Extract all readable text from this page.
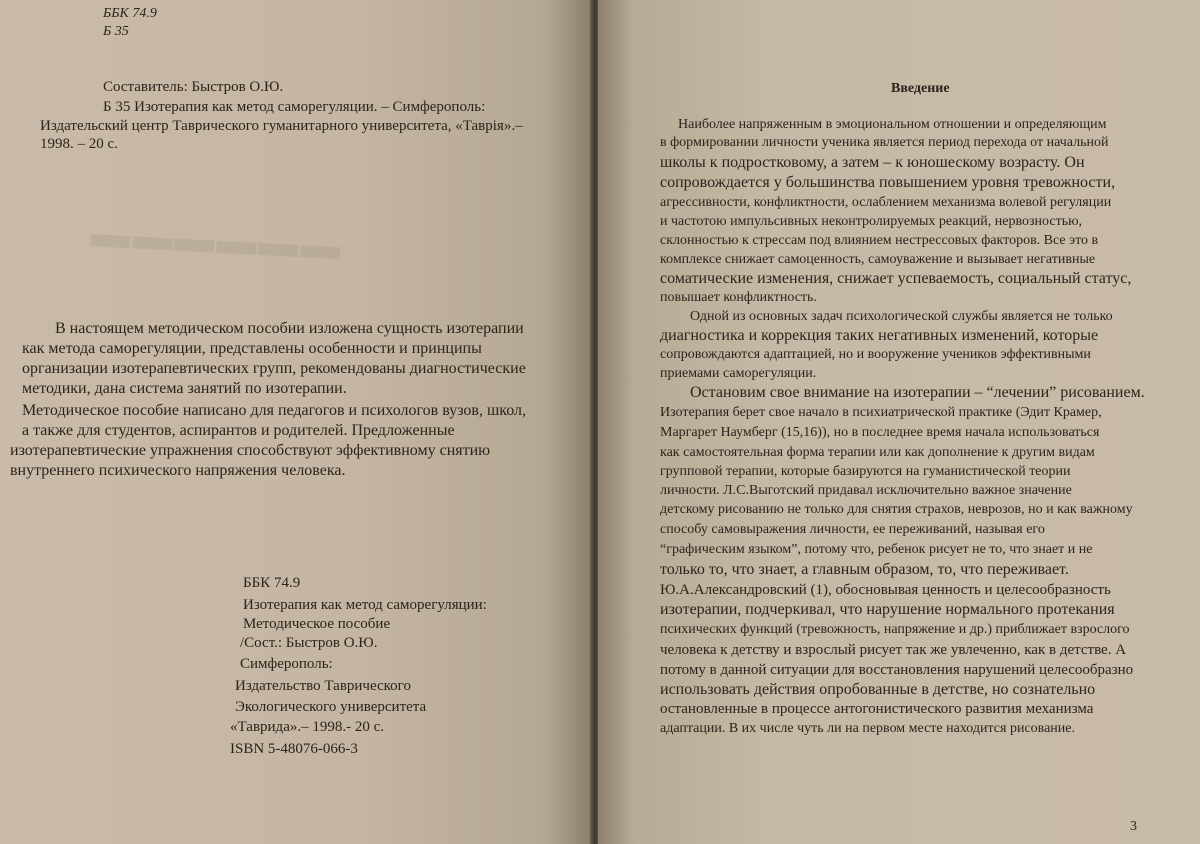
▬▬▬▬▬▬
ББК 74.9
Б 35
Составитель: Быстров О.Ю.
Б 35 Изотерапия как метод саморегуляции. – Симферополь:
Издательский центр Таврического гуманитарного университета, «Таврія».–
1998. – 20 с.
В настоящем методическом пособии изложена сущность изотерапии
как метода саморегуляции, представлены особенности и принципы
организации изотерапевтических групп, рекомендованы диагностические
методики, дана система занятий по изотерапии.
Методическое пособие написано для педагогов и психологов вузов, школ,
а также для студентов, аспирантов и родителей. Предложенные
изотерапевтические упражнения способствуют эффективному снятию
внутреннего психического напряжения человека.
ББК 74.9
Изотерапия как метод саморегуляции:
Методическое пособие
/Сост.: Быстров О.Ю.
Симферополь:
Издательство Таврического
Экологического университета
«Таврида».– 1998.- 20 с.
ISBN 5-48076-066-3
Введение
Наиболее напряженным в эмоциональном отношении и определяющим
в формировании личности ученика является период перехода от начальной
школы к подростковому, а затем – к юношескому возрасту. Он
сопровождается у большинства повышением уровня тревожности,
агрессивности, конфликтности, ослаблением механизма волевой регуляции
и частотою импульсивных неконтролируемых реакций, нервозностью,
склонностью к стрессам под влиянием нестрессовых факторов. Все это в
комплексе снижает самоценность, самоуважение и вызывает негативные
соматические изменения, снижает успеваемость, социальный статус,
повышает конфликтность.
Одной из основных задач психологической службы является не только
диагностика и коррекция таких негативных изменений, которые
сопровождаются адаптацией, но и вооружение учеников эффективными
приемами саморегуляции.
Остановим свое внимание на изотерапии – “лечении” рисованием.
Изотерапия берет свое начало в психиатрической практике (Эдит Крамер,
Маргарет Наумберг (15,16)), но в последнее время начала использоваться
как самостоятельная форма терапии или как дополнение к другим видам
групповой терапии, которые базируются на гуманистической теории
личности. Л.С.Выготский придавал исключительно важное значение
детскому рисованию не только для снятия страхов, неврозов, но и как важному
способу самовыражения личности, ее переживаний, называя его
“графическим языком”, потому что, ребенок рисует не то, что знает и не
только то, что знает, а главным образом, то, что переживает.
Ю.А.Александровский (1), обосновывая ценность и целесообразность
изотерапии, подчеркивал, что нарушение нормального протекания
психических функций (тревожность, напряжение и др.) приближает взрослого
человека к детству и взрослый рисует так же увлеченно, как в детстве. А
потому в данной ситуации для восстановления нарушений целесообразно
использовать действия опробованные в детстве, но сознательно
остановленные в процессе антогонистического развития механизма
адаптации. В их числе чуть ли на первом месте находится рисование.
3
